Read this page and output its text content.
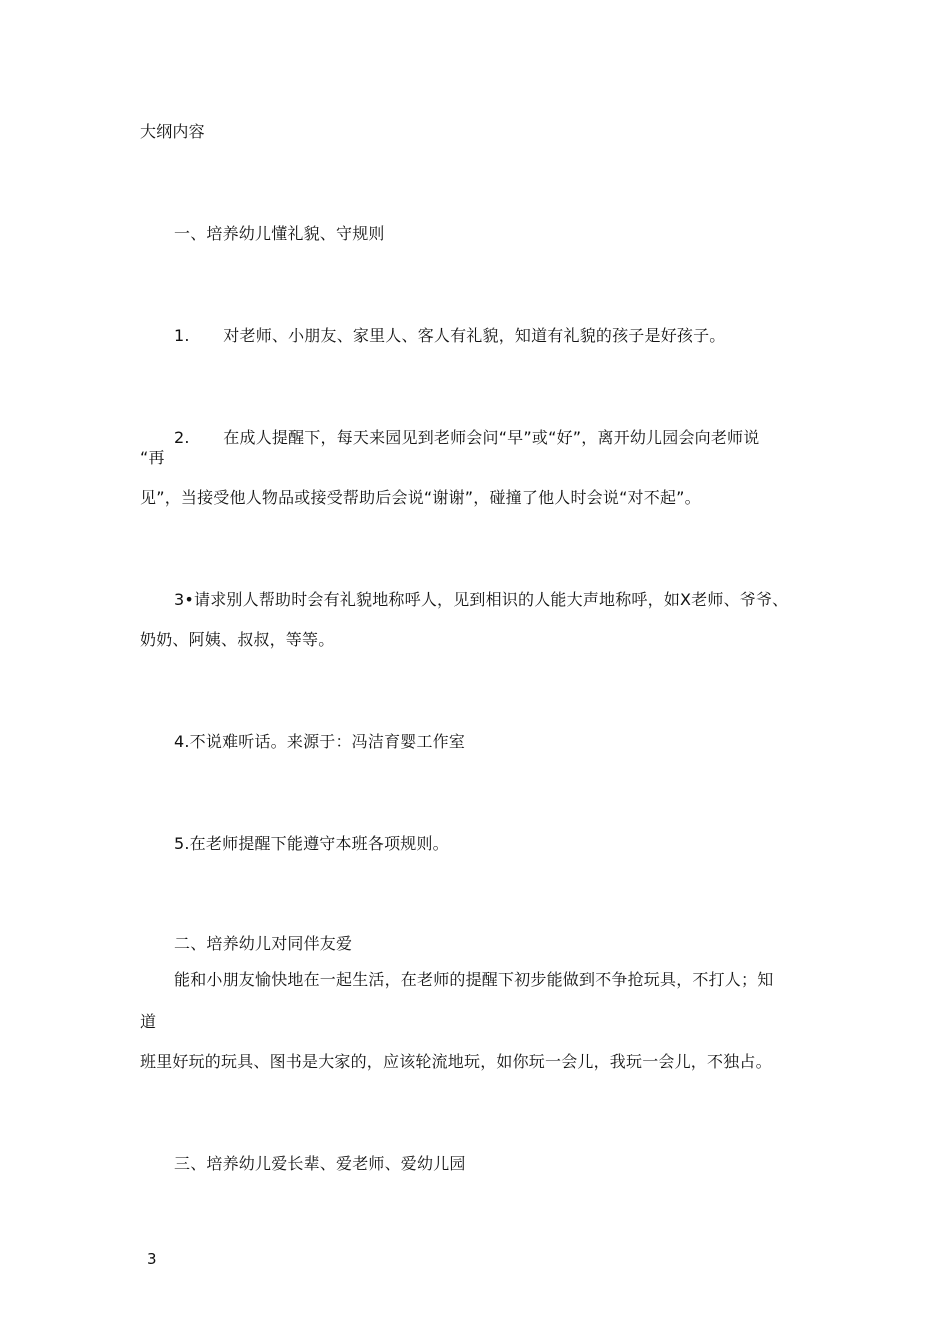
大纲内容
一、培养幼儿懂礼貌、守规则
1. 对老师、小朋友、家里人、客人有礼貌，知道有礼貌的孩子是好孩子。
2. 在成人提醒下，每天来园见到老师会问“早”或“好”，离开幼儿园会向老师说
“再
见”，当接受他人物品或接受帮助后会说“谢谢”，碰撞了他人时会说“对不起”。
3•请求别人帮助时会有礼貌地称呼人，见到相识的人能大声地称呼，如X老师、爷爷、
奶奶、阿姨、叔叔，等等。
4.不说难听话。来源于：冯洁育婴工作室
5.在老师提醒下能遵守本班各项规则。
二、培养幼儿对同伴友爱
能和小朋友愉快地在一起生活，在老师的提醒下初步能做到不争抢玩具，不打人；知
道
班里好玩的玩具、图书是大家的，应该轮流地玩，如你玩一会儿，我玩一会儿，不独占。
三、培养幼儿爱长辈、爱老师、爱幼儿园
3
